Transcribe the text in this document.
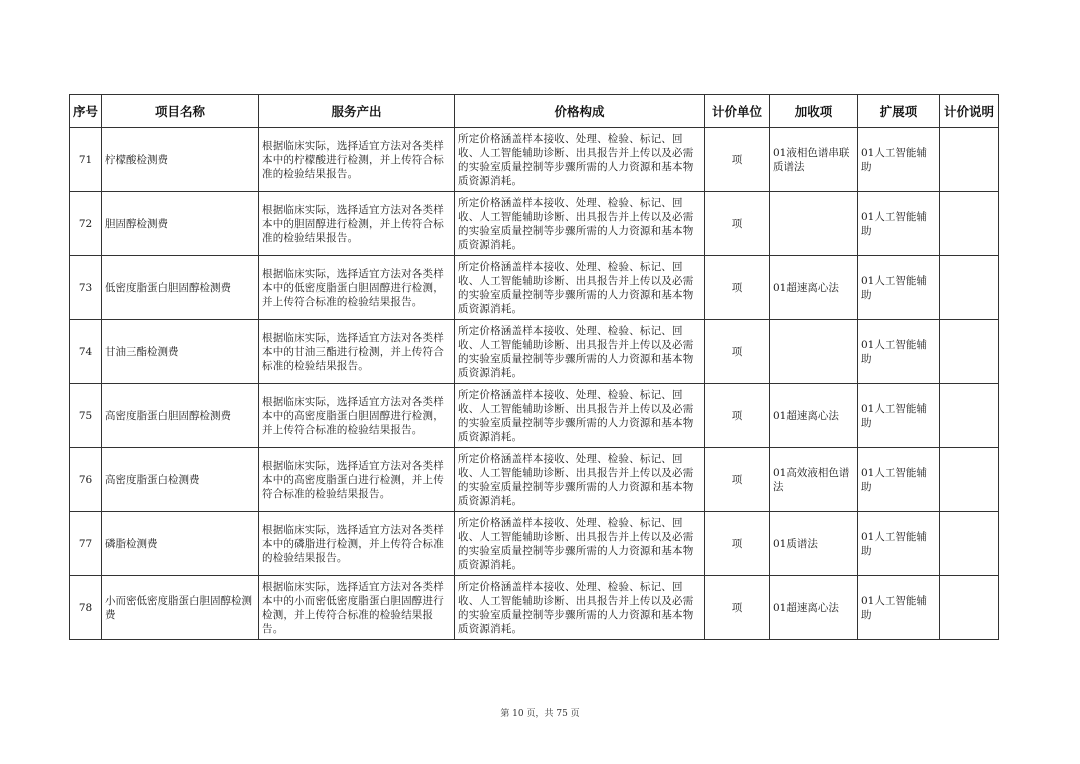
序号	项目名称	服务产出	价格构成	计价单位	加收项	扩展项	计价说明
71	柠檬酸检测费	根据临床实际，选择适宜方法对各类样本中的柠檬酸进行检测，并上传符合标准的检验结果报告。	所定价格涵盖样本接收、处理、检验、标记、回收、人工智能辅助诊断、出具报告并上传以及必需的实验室质量控制等步骤所需的人力资源和基本物质资源消耗。	项	01液相色谱串联质谱法	01人工智能辅助	
72	胆固醇检测费	根据临床实际，选择适宜方法对各类样本中的胆固醇进行检测，并上传符合标准的检验结果报告。	所定价格涵盖样本接收、处理、检验、标记、回收、人工智能辅助诊断、出具报告并上传以及必需的实验室质量控制等步骤所需的人力资源和基本物质资源消耗。	项		01人工智能辅助	
73	低密度脂蛋白胆固醇检测费	根据临床实际，选择适宜方法对各类样本中的低密度脂蛋白胆固醇进行检测，并上传符合标准的检验结果报告。	所定价格涵盖样本接收、处理、检验、标记、回收、人工智能辅助诊断、出具报告并上传以及必需的实验室质量控制等步骤所需的人力资源和基本物质资源消耗。	项	01超速离心法	01人工智能辅助	
74	甘油三酯检测费	根据临床实际，选择适宜方法对各类样本中的甘油三酯进行检测，并上传符合标准的检验结果报告。	所定价格涵盖样本接收、处理、检验、标记、回收、人工智能辅助诊断、出具报告并上传以及必需的实验室质量控制等步骤所需的人力资源和基本物质资源消耗。	项		01人工智能辅助	
75	高密度脂蛋白胆固醇检测费	根据临床实际，选择适宜方法对各类样本中的高密度脂蛋白胆固醇进行检测，并上传符合标准的检验结果报告。	所定价格涵盖样本接收、处理、检验、标记、回收、人工智能辅助诊断、出具报告并上传以及必需的实验室质量控制等步骤所需的人力资源和基本物质资源消耗。	项	01超速离心法	01人工智能辅助	
76	高密度脂蛋白检测费	根据临床实际，选择适宜方法对各类样本中的高密度脂蛋白进行检测，并上传符合标准的检验结果报告。	所定价格涵盖样本接收、处理、检验、标记、回收、人工智能辅助诊断、出具报告并上传以及必需的实验室质量控制等步骤所需的人力资源和基本物质资源消耗。	项	01高效液相色谱法	01人工智能辅助	
77	磷脂检测费	根据临床实际，选择适宜方法对各类样本中的磷脂进行检测，并上传符合标准的检验结果报告。	所定价格涵盖样本接收、处理、检验、标记、回收、人工智能辅助诊断、出具报告并上传以及必需的实验室质量控制等步骤所需的人力资源和基本物质资源消耗。	项	01质谱法	01人工智能辅助	
78	小而密低密度脂蛋白胆固醇检测费	根据临床实际，选择适宜方法对各类样本中的小而密低密度脂蛋白胆固醇进行检测，并上传符合标准的检验结果报告。	所定价格涵盖样本接收、处理、检验、标记、回收、人工智能辅助诊断、出具报告并上传以及必需的实验室质量控制等步骤所需的人力资源和基本物质资源消耗。	项	01超速离心法	01人工智能辅助	
第 10 页，共 75 页
